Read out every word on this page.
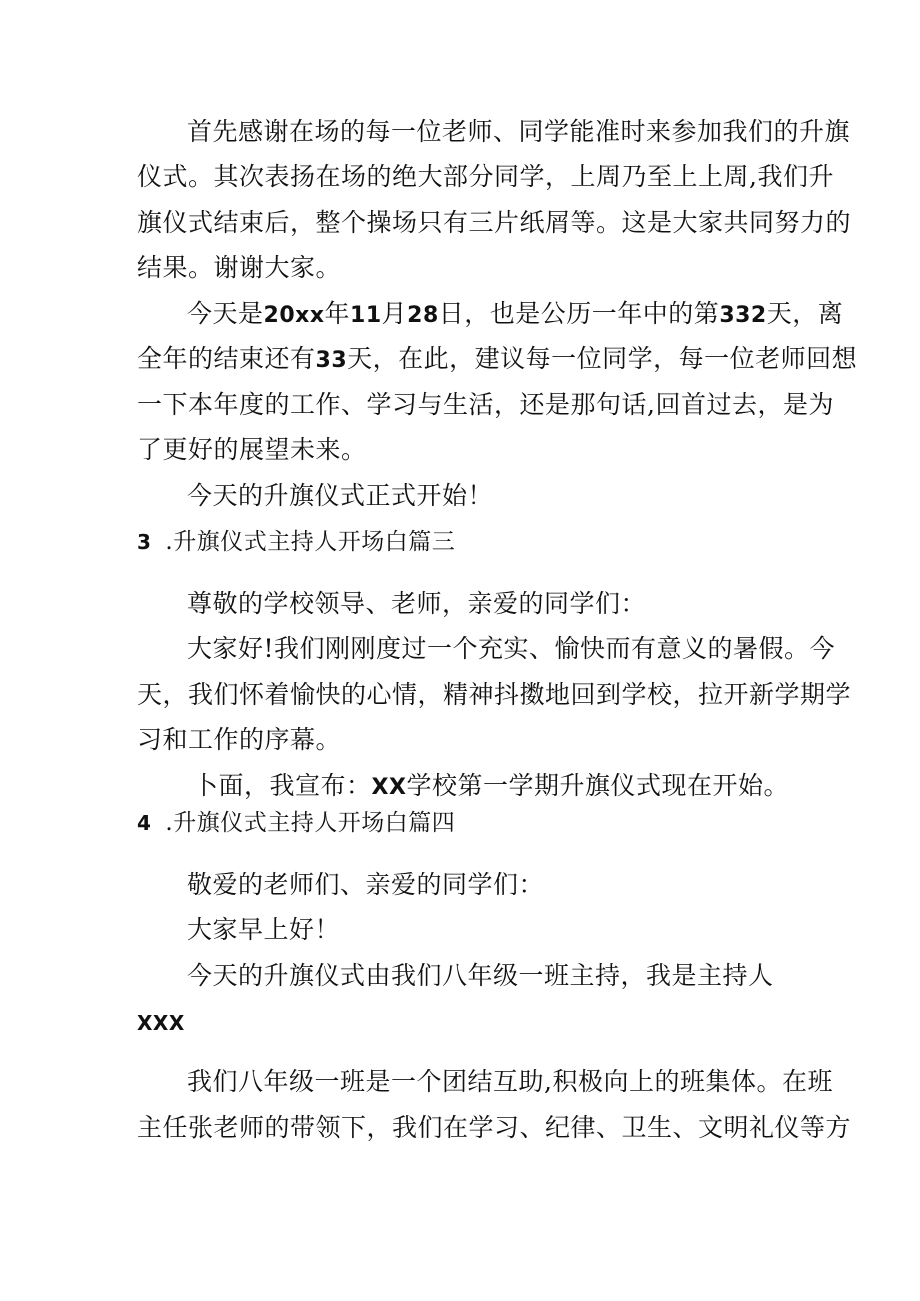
首先感谢在场的每一位老师、同学能准时来参加我们的升旗
仪式。其次表扬在场的绝大部分同学，上周乃至上上周,我们升
旗仪式结束后，整个操场只有三片纸屑等。这是大家共同努力的
结果。谢谢大家。
今天是20xx年11月28日，也是公历一年中的第332天，离
全年的结束还有33天，在此，建议每一位同学，每一位老师回想
一下本年度的工作、学习与生活，还是那句话,回首过去，是为
了更好的展望未来。
今天的升旗仪式正式开始！
3 .升旗仪式主持人开场白篇三
尊敬的学校领导、老师，亲爱的同学们：
大家好!我们刚刚度过一个充实、愉快而有意义的暑假。今
天，我们怀着愉快的心情，精神抖擞地回到学校，拉开新学期学
习和工作的序幕。
卜面，我宣布：XX学校第一学期升旗仪式现在开始。
4 .升旗仪式主持人开场白篇四
敬爱的老师们、亲爱的同学们：
大家早上好！
今天的升旗仪式由我们八年级一班主持，我是主持人
XXX
我们八年级一班是一个团结互助,积极向上的班集体。在班
主任张老师的带领下，我们在学习、纪律、卫生、文明礼仪等方
